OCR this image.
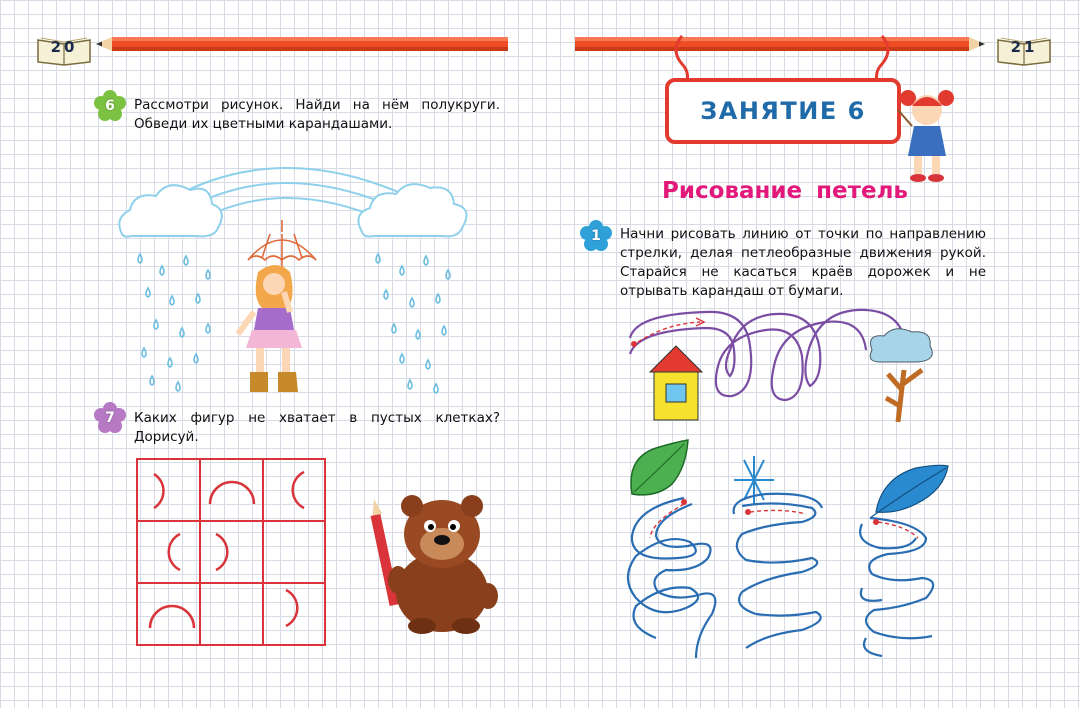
20
6	Рассмотри рисунок. Найди на нём полукруги. Обведи их цветными карандашами.
7	Каких фигур не хватает в пустых клетках? Дорисуй.
21
ЗАНЯТИЕ 6
Рисование петель
1	Начни рисовать линию от точки по направлению стрелки, делая петлеобразные движения рукой. Старайся не касаться краёв дорожек и не отрывать карандаш от бумаги.
